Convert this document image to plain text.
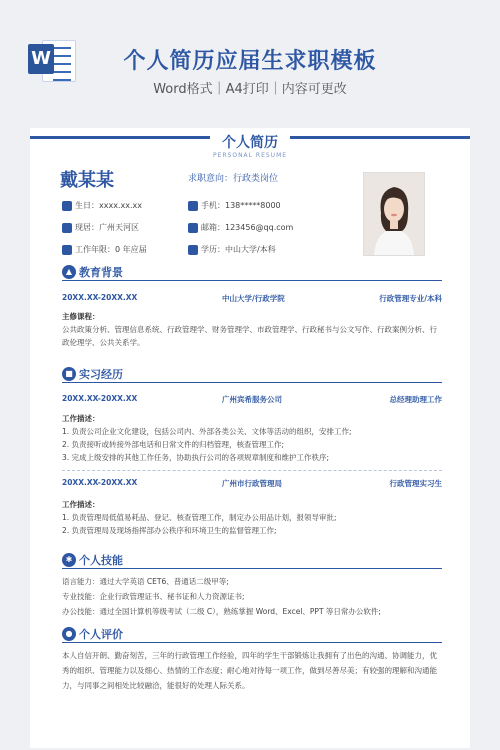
W	个人简历应届生求职模板
Word格式｜A4打印｜内容可更改
个人简历
PERSONAL RESUME
戴某某	求职意向：行政类岗位
生日：xxxx.xx.xx	手机：138*****8000
现居：广州天河区	邮箱：123456@qq.com
工作年限：0 年应届	学历：中山大学/本科
▲ 教育背景
20XX.XX-20XX.XX	中山大学/行政学院	行政管理专业/本科
主修课程：
公共政策分析、管理信息系统、行政管理学、财务管理学、市政管理学、行政秘书与公文写作、行政案例分析、行政伦理学、公共关系学。
■ 实习经历
20XX.XX-20XX.XX	广州宾希服务公司	总经理助理工作
工作描述：
1. 负责公司企业文化建设，包括公司内、外部各类公关、文体等活动的组织，安排工作;
2. 负责接听或转接外部电话和日常文件的归档管理，核查管理工作;
3. 完成上级安排的其他工作任务，协助执行公司的各项规章制度和维护工作秩序;
20XX.XX-20XX.XX	广州市行政管理局	行政管理实习生
工作描述：
1. 负责管理局低值易耗品、登记、核查管理工作，制定办公用品计划，报领导审批;
2. 负责管理局及现场指挥部办公秩序和环境卫生的监督管理工作;
✱ 个人技能
语言能力：通过大学英语 CET6、普通话二级甲等;
专业技能：企业行政管理证书、秘书证和人力资源证书;
办公技能：通过全国计算机等级考试（二级 C），熟练掌握 Word、Excel、PPT 等日常办公软件;
● 个人评价
本人自信开朗、勤奋刻苦，三年的行政管理工作经验，四年的学生干部锻炼让我拥有了出色的沟通、协调能力，优秀的组织、管理能力以及细心、热情的工作态度；耐心地对待每一项工作，做到尽善尽美；有较强的理解和沟通能力，与同事之间相处比较融洽，能很好的处理人际关系。
